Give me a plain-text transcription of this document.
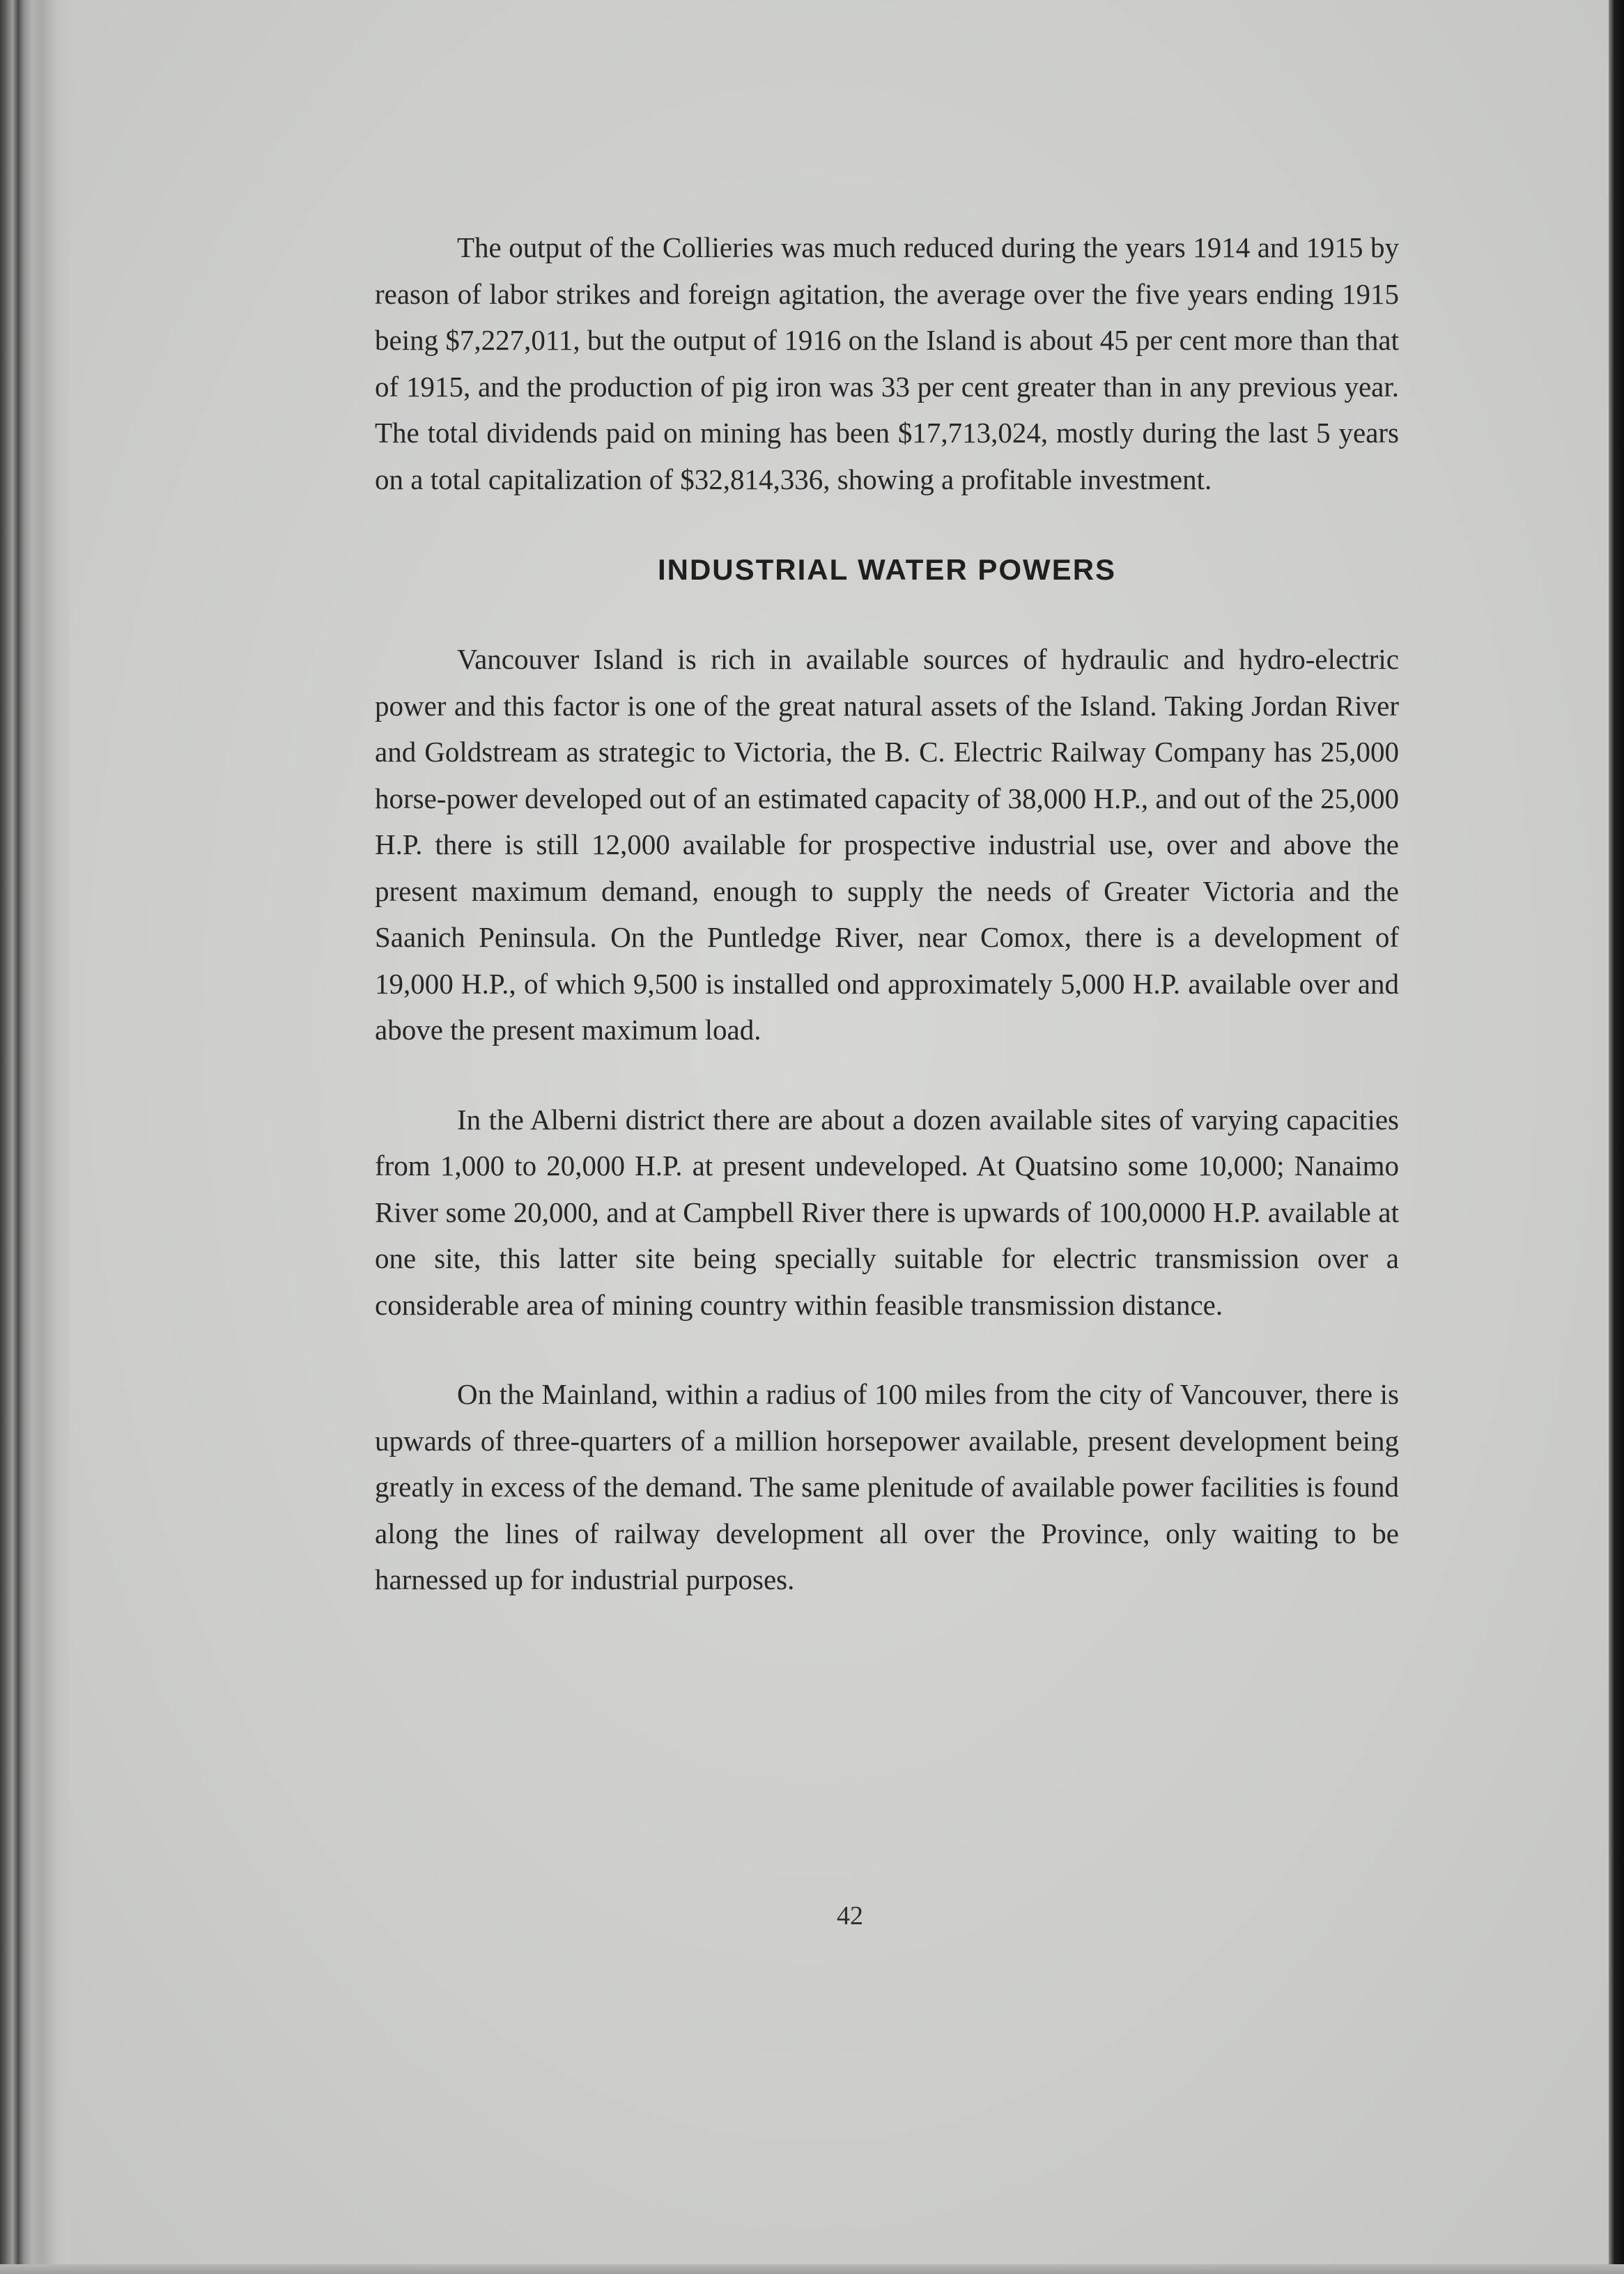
The output of the Collieries was much reduced during the years 1914 and 1915 by reason of labor strikes and foreign agitation, the average over the five years ending 1915 being $7,227,011, but the output of 1916 on the Island is about 45 per cent more than that of 1915, and the production of pig iron was 33 per cent greater than in any previous year. The total dividends paid on mining has been $17,713,024, mostly during the last 5 years on a total capitalization of $32,814,336, showing a profitable investment.

INDUSTRIAL WATER POWERS

Vancouver Island is rich in available sources of hydraulic and hydro-electric power and this factor is one of the great natural assets of the Island. Taking Jordan River and Goldstream as strategic to Victoria, the B. C. Electric Railway Company has 25,000 horse-power developed out of an estimated capacity of 38,000 H.P., and out of the 25,000 H.P. there is still 12,000 available for prospective industrial use, over and above the present maximum demand, enough to supply the needs of Greater Victoria and the Saanich Peninsula. On the Puntledge River, near Comox, there is a development of 19,000 H.P., of which 9,500 is installed ond approximately 5,000 H.P. available over and above the present maximum load.

In the Alberni district there are about a dozen available sites of varying capacities from 1,000 to 20,000 H.P. at present undeveloped. At Quatsino some 10,000; Nanaimo River some 20,000, and at Campbell River there is upwards of 100,0000 H.P. available at one site, this latter site being specially suitable for electric transmission over a considerable area of mining country within feasible transmission distance.

On the Mainland, within a radius of 100 miles from the city of Vancouver, there is upwards of three-quarters of a million horsepower available, present development being greatly in excess of the demand. The same plenitude of available power facilities is found along the lines of railway development all over the Province, only waiting to be harnessed up for industrial purposes.

42
